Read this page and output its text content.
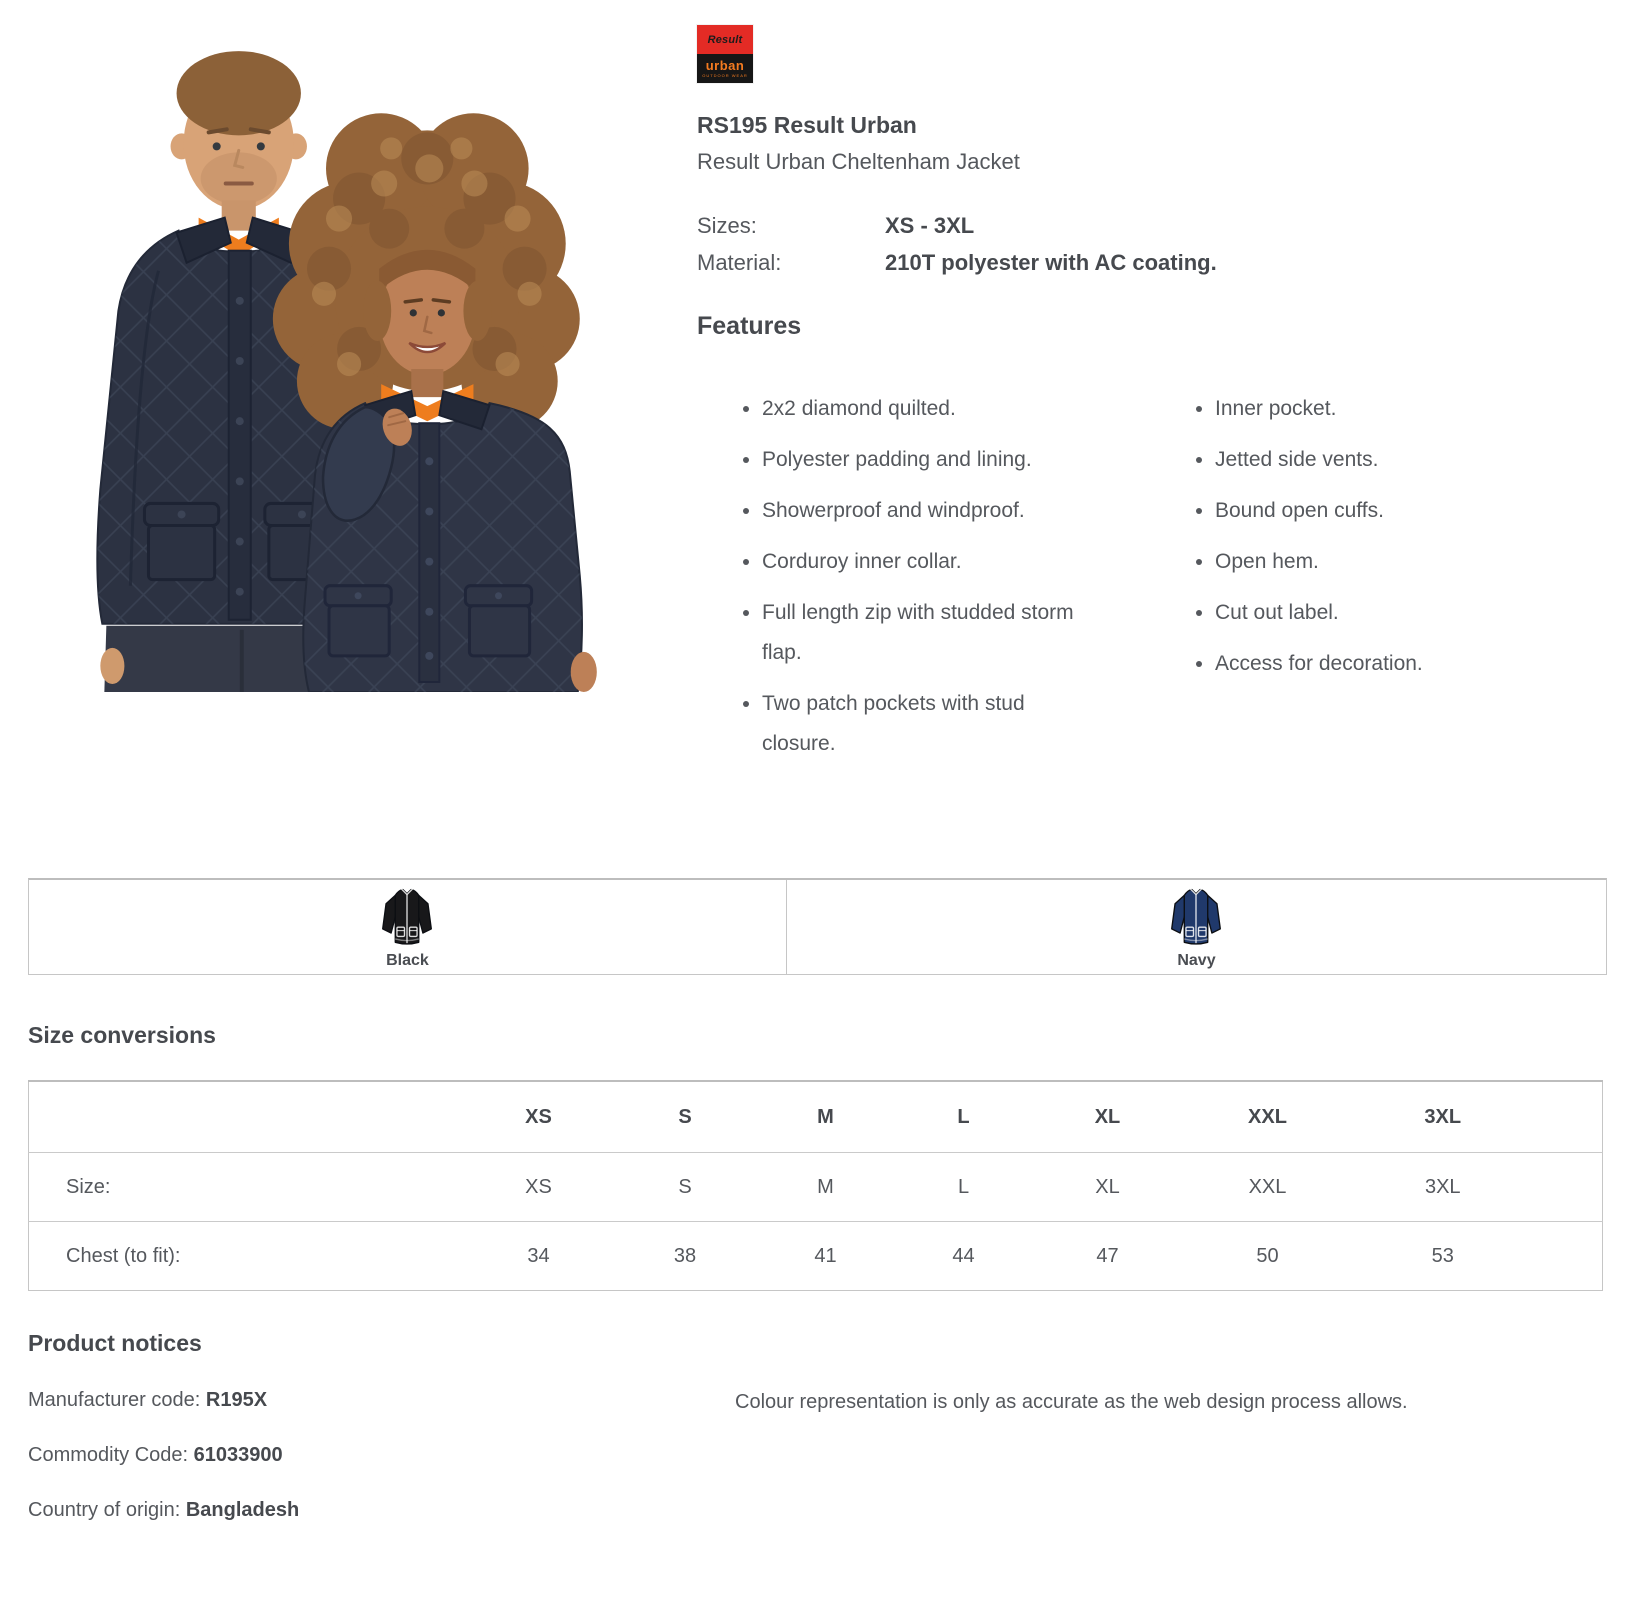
Result
urban
OUTDOOR WEAR
RS195 Result Urban
Result Urban Cheltenham Jacket
Sizes:	XS - 3XL
Material:	210T polyester with AC coating.
Features
• 2x2 diamond quilted.
• Polyester padding and lining.
• Showerproof and windproof.
• Corduroy inner collar.
• Full length zip with studded storm flap.
• Two patch pockets with stud closure.
• Inner pocket.
• Jetted side vents.
• Bound open cuffs.
• Open hem.
• Cut out label.
• Access for decoration.
Black	Navy
Size conversions
	XS	S	M	L	XL	XXL	3XL
Size:	XS	S	M	L	XL	XXL	3XL
Chest (to fit):	34	38	41	44	47	50	53
Product notices
Manufacturer code: R195X
Commodity Code: 61033900
Country of origin: Bangladesh
Colour representation is only as accurate as the web design process allows.
